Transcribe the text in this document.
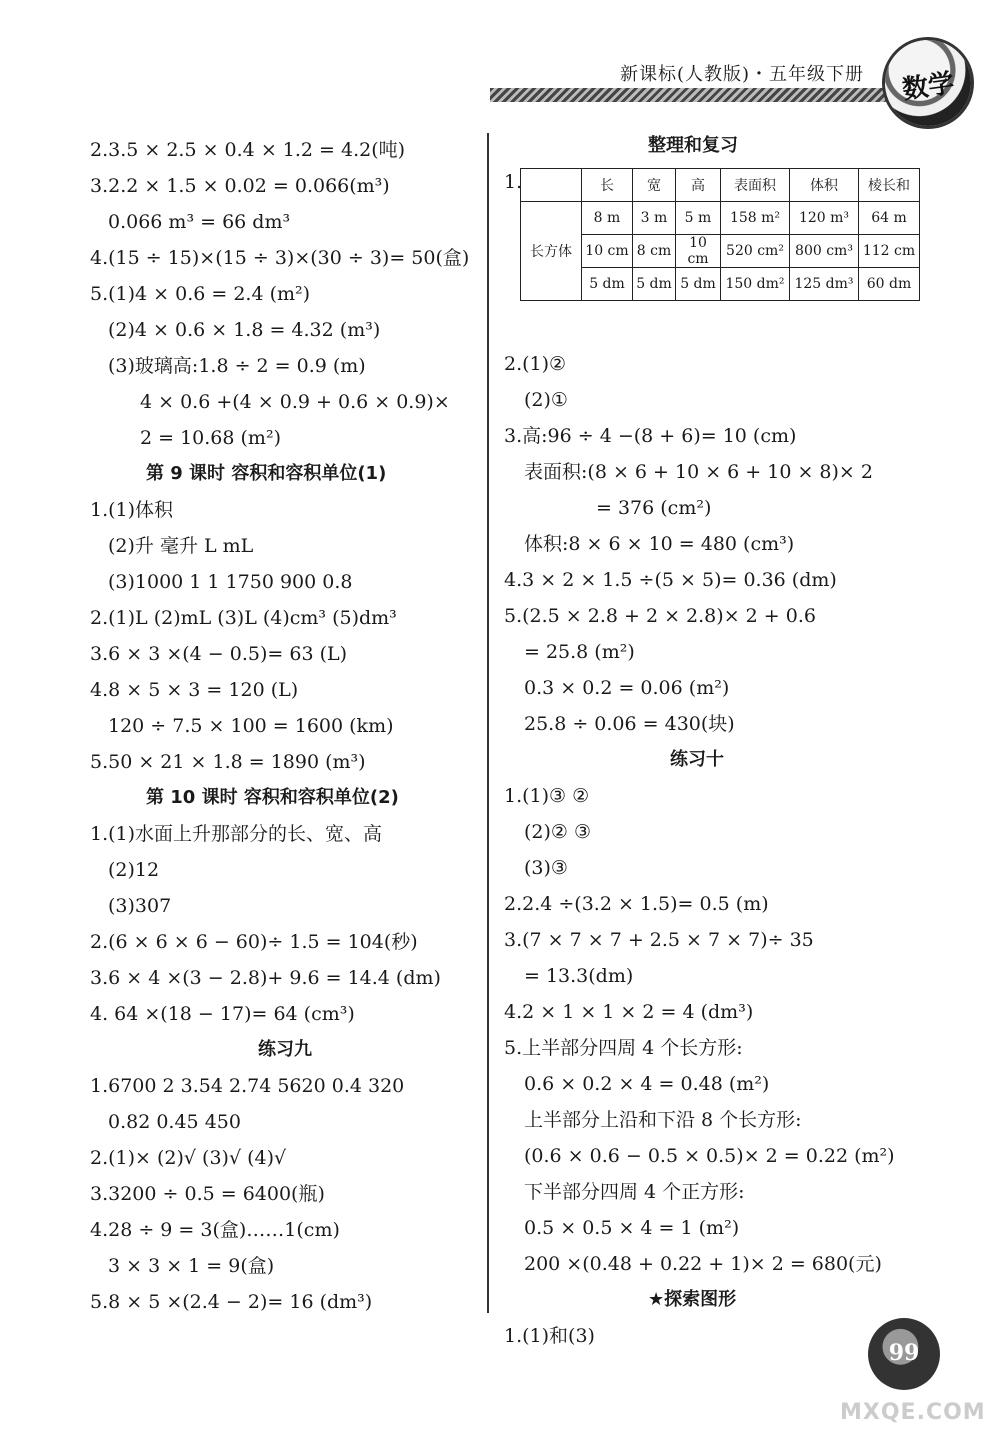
新课标(人教版)・五年级下册	数学
2.3.5 × 2.5 × 0.4 × 1.2 = 4.2(吨)
3.2.2 × 1.5 × 0.02 = 0.066(m³)
0.066 m³ = 66 dm³
4.(15 ÷ 15)×(15 ÷ 3)×(30 ÷ 3)= 50(盒)
5.(1)4 × 0.6 = 2.4 (m²)
(2)4 × 0.6 × 1.8 = 4.32 (m³)
(3)玻璃高:1.8 ÷ 2 = 0.9 (m)
4 × 0.6 +(4 × 0.9 + 0.6 × 0.9)×
2 = 10.68 (m²)
第 9 课时 容积和容积单位(1)
1.(1)体积
(2)升 毫升 L mL
(3)1000 1 1 1750 900 0.8
2.(1)L (2)mL (3)L (4)cm³ (5)dm³
3.6 × 3 ×(4 − 0.5)= 63 (L)
4.8 × 5 × 3 = 120 (L)
120 ÷ 7.5 × 100 = 1600 (km)
5.50 × 21 × 1.8 = 1890 (m³)
第 10 课时 容积和容积单位(2)
1.(1)水面上升那部分的长、宽、高
(2)12
(3)307
2.(6 × 6 × 6 − 60)÷ 1.5 = 104(秒)
3.6 × 4 ×(3 − 2.8)+ 9.6 = 14.4 (dm)
4. 64 ×(18 − 17)= 64 (cm³)
练习九
1.6700 2 3.54 2.74 5620 0.4 320
0.82 0.45 450
2.(1)× (2)√ (3)√ (4)√
3.3200 ÷ 0.5 = 6400(瓶)
4.28 ÷ 9 = 3(盒)……1(cm)
3 × 3 × 1 = 9(盒)
5.8 × 5 ×(2.4 − 2)= 16 (dm³)
整理和复习
1.
2.(1)②
(2)①
3.高:96 ÷ 4 −(8 + 6)= 10 (cm)
表面积:(8 × 6 + 10 × 6 + 10 × 8)× 2
= 376 (cm²)
体积:8 × 6 × 10 = 480 (cm³)
4.3 × 2 × 1.5 ÷(5 × 5)= 0.36 (dm)
5.(2.5 × 2.8 + 2 × 2.8)× 2 + 0.6
= 25.8 (m²)
0.3 × 0.2 = 0.06 (m²)
25.8 ÷ 0.06 = 430(块)
练习十
1.(1)③ ②
(2)② ③
(3)③
2.2.4 ÷(3.2 × 1.5)= 0.5 (m)
3.(7 × 7 × 7 + 2.5 × 7 × 7)÷ 35
= 13.3(dm)
4.2 × 1 × 1 × 2 = 4 (dm³)
5.上半部分四周 4 个长方形:
0.6 × 0.2 × 4 = 0.48 (m²)
上半部分上沿和下沿 8 个长方形:
(0.6 × 0.6 − 0.5 × 0.5)× 2 = 0.22 (m²)
下半部分四周 4 个正方形:
0.5 × 0.5 × 4 = 1 (m²)
200 ×(0.48 + 0.22 + 1)× 2 = 680(元)
★探索图形
1.(1)和(3)
	长	宽	高	表面积	体积	棱长和
长方体	8 m	3 m	5 m	158 m²	120 m³	64 m
	10 cm	8 cm	10 cm	520 cm²	800 cm³	112 cm
	5 dm	5 dm	5 dm	150 dm²	125 dm³	60 dm
99
MXQE.COM
